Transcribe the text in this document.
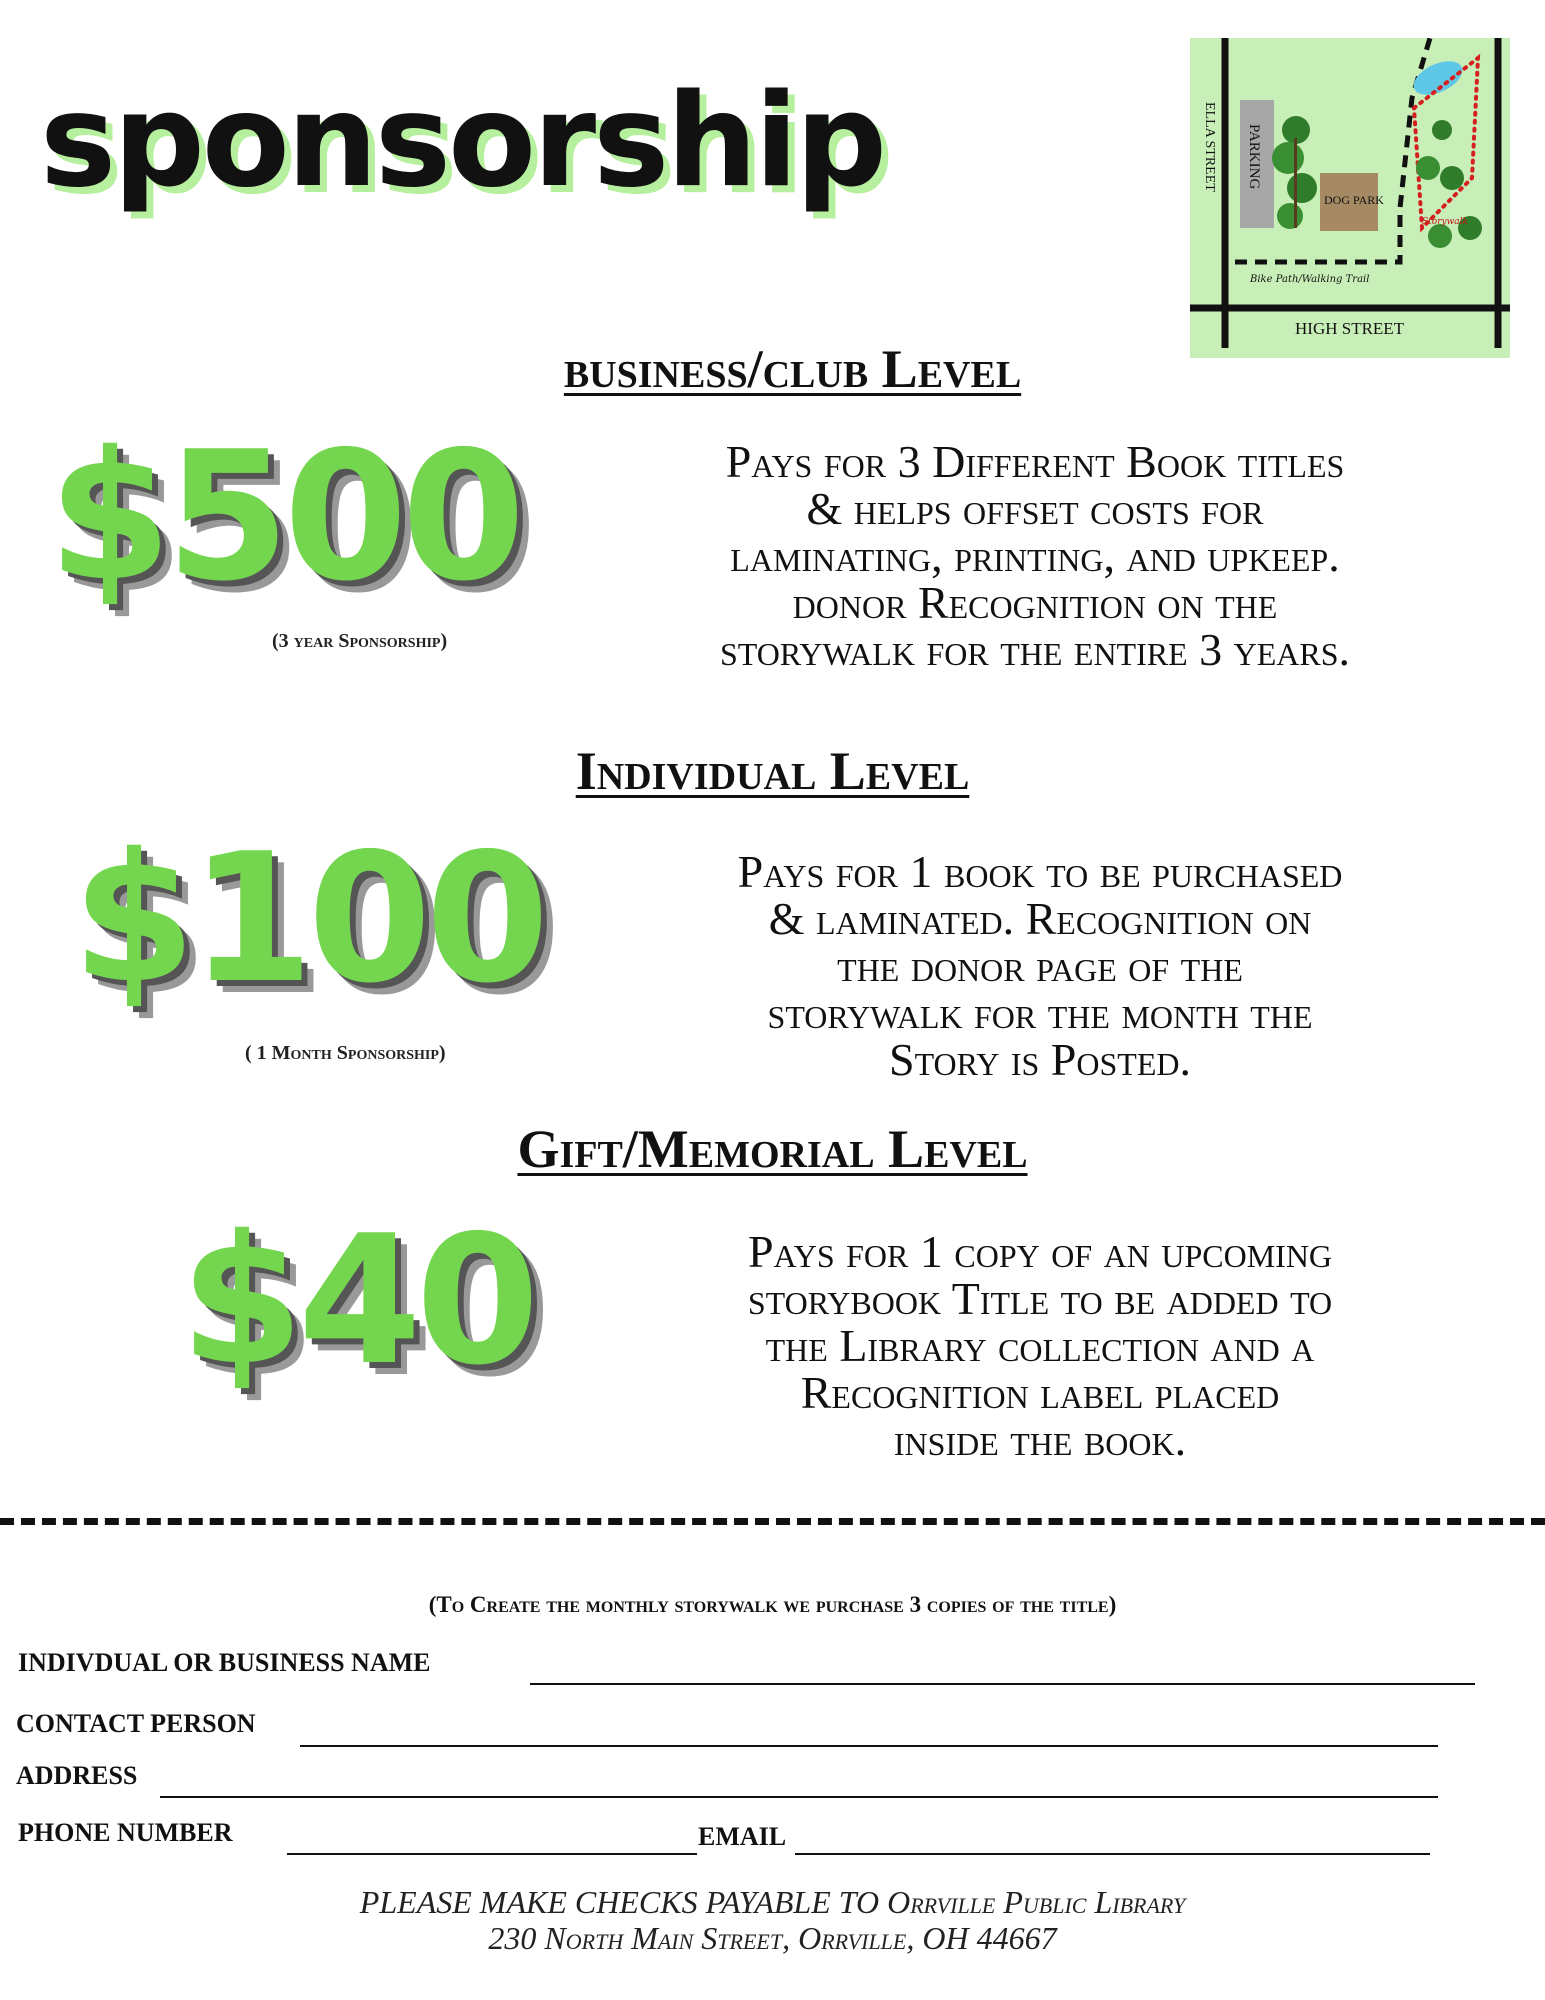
sponsorship	PARKING
ELLA STREET
DOG PARK
Bike Path/Walking Trail
Storywalk
HIGH STREET
business/club Level
$500
(3 year Sponsorship)
Pays for 3 Different Book titles
& helps offset costs for
laminating, printing, and upkeep.
donor Recognition on the
storywalk for the entire 3 years.
Individual Level
$100
( 1 Month Sponsorship)
Pays for 1 book to be purchased
& laminated. Recognition on
the donor page of the
storywalk for the month the
Story is Posted.
Gift/Memorial Level
$40	Pays for 1 copy of an upcoming
storybook Title to be added to
the Library collection and a
Recognition label placed
inside the book.
(To Create the monthly storywalk we purchase 3 copies of the title)
INDIVDUAL OR BUSINESS NAME
CONTACT PERSON
ADDRESS
PHONE NUMBER	EMAIL
PLEASE MAKE CHECKS PAYABLE TO Orrville Public Library
230 North Main Street, Orrville, OH 44667
